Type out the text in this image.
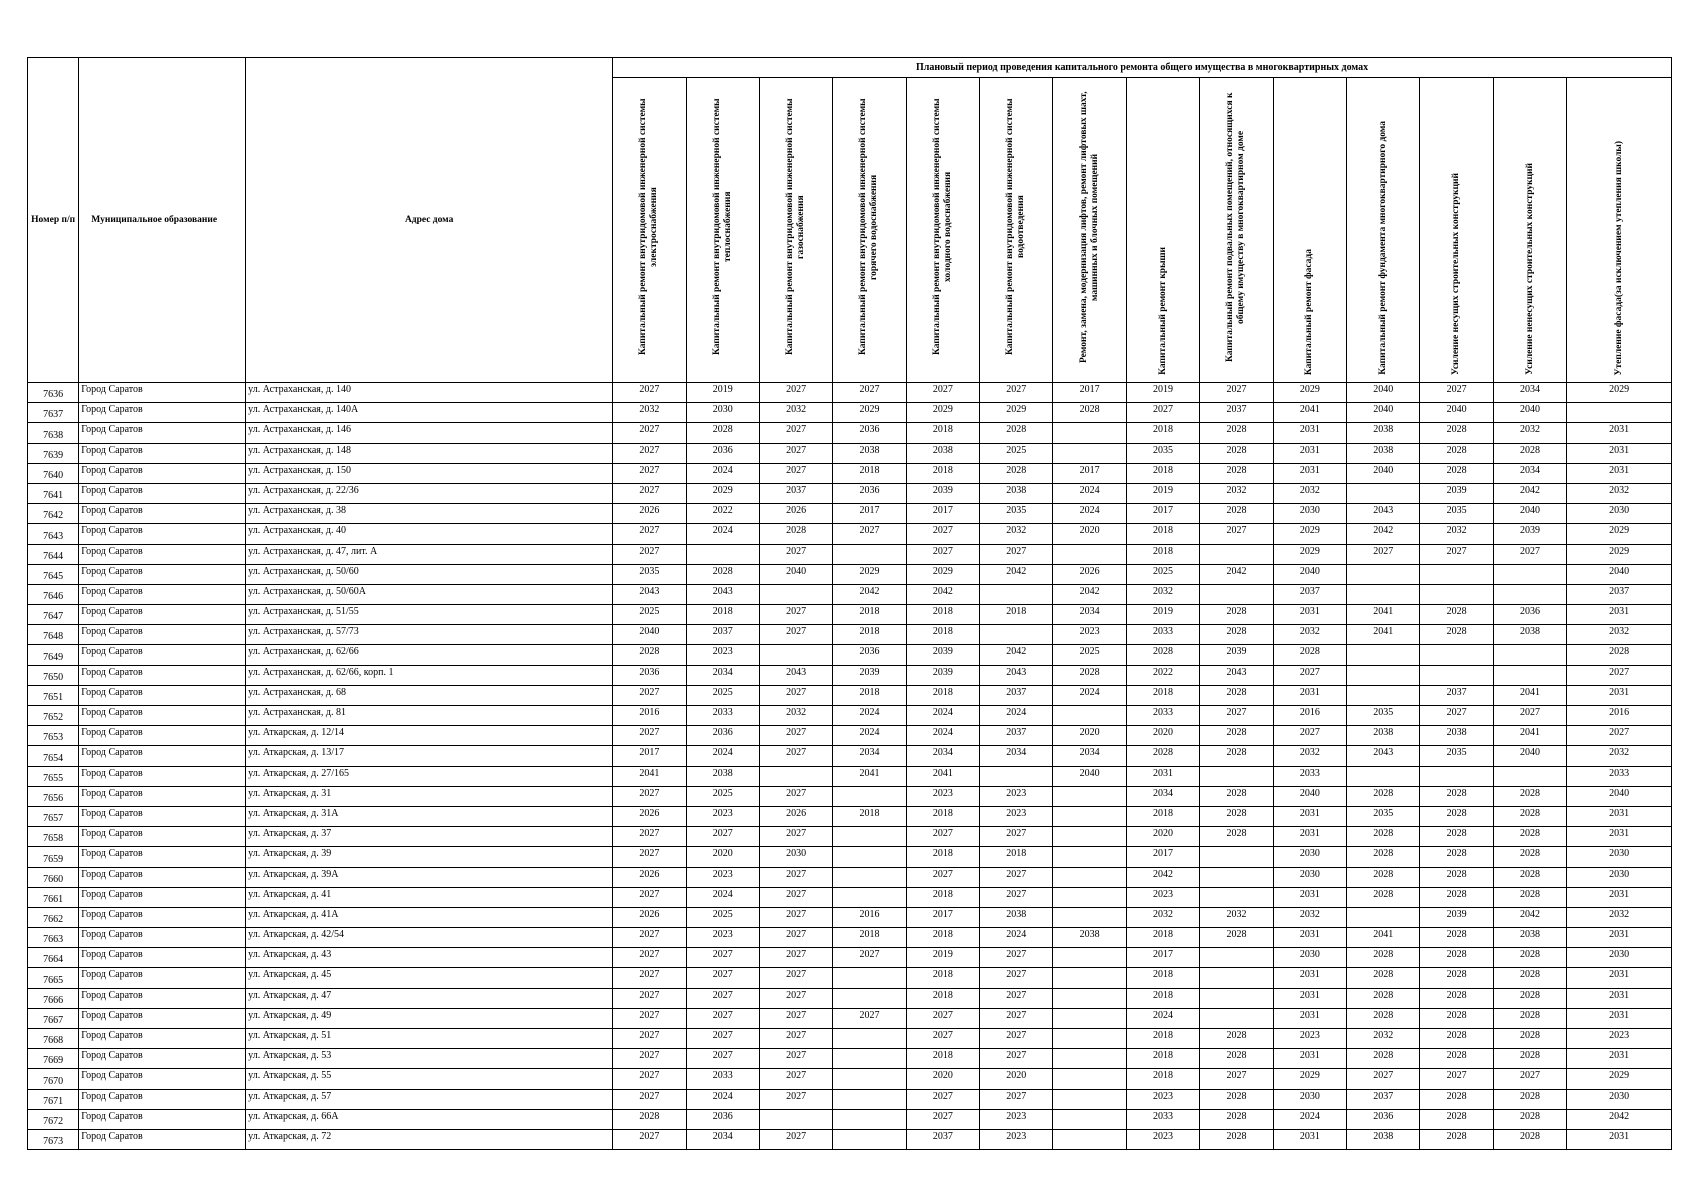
Номер п/п	Муниципальное образование	Адрес дома	Плановый период проведения капитального ремонта общего имущества в многоквартирных домах													
			Капитальный ремонт внутридомовой инженерной системы электроснабжения	Капитальный ремонт внутридомовой инженерной системы теплоснабжения	Капитальный ремонт внутридомовой инженерной системы газоснабжения	Капитальный ремонт внутридомовой инженерной системы горячего водоснабжения	Капитальный ремонт внутридомовой инженерной системы холодного водоснабжения	Капитальный ремонт внутридомовой инженерной системы водоотведения	Ремонт, замена, модернизация лифтов, ремонт лифтовых шахт, машинных и блочных помещений	Капитальный ремонт крыши	Капитальный ремонт подвальных помещений, относящихся к общему имуществу в многоквартирном доме	Капитальный ремонт фасада	Капитальный ремонт фундамента многоквартирного дома	Усиление несущих строительных конструкций	Усиление ненесущих строительных конструкций	Утепление фасада(за исключением утепления школы)
7636	Город Саратов	ул. Астраханская, д. 140	2027	2019	2027	2027	2027	2027	2017	2019	2027	2029	2040	2027	2034	2029
7637	Город Саратов	ул. Астраханская, д. 140А	2032	2030	2032	2029	2029	2029	2028	2027	2037	2041	2040	2040	2040	
7638	Город Саратов	ул. Астраханская, д. 146	2027	2028	2027	2036	2018	2028		2018	2028	2031	2038	2028	2032	2031
7639	Город Саратов	ул. Астраханская, д. 148	2027	2036	2027	2038	2038	2025		2035	2028	2031	2038	2028	2028	2031
7640	Город Саратов	ул. Астраханская, д. 150	2027	2024	2027	2018	2018	2028	2017	2018	2028	2031	2040	2028	2034	2031
7641	Город Саратов	ул. Астраханская, д. 22/36	2027	2029	2037	2036	2039	2038	2024	2019	2032	2032		2039	2042	2032
7642	Город Саратов	ул. Астраханская, д. 38	2026	2022	2026	2017	2017	2035	2024	2017	2028	2030	2043	2035	2040	2030
7643	Город Саратов	ул. Астраханская, д. 40	2027	2024	2028	2027	2027	2032	2020	2018	2027	2029	2042	2032	2039	2029
7644	Город Саратов	ул. Астраханская, д. 47, лит. А	2027		2027		2027	2027		2018		2029	2027	2027	2027	2029
7645	Город Саратов	ул. Астраханская, д. 50/60	2035	2028	2040	2029	2029	2042	2026	2025	2042	2040				2040
7646	Город Саратов	ул. Астраханская, д. 50/60А	2043	2043		2042	2042		2042	2032		2037				2037
7647	Город Саратов	ул. Астраханская, д. 51/55	2025	2018	2027	2018	2018	2018	2034	2019	2028	2031	2041	2028	2036	2031
7648	Город Саратов	ул. Астраханская, д. 57/73	2040	2037	2027	2018	2018		2023	2033	2028	2032	2041	2028	2038	2032
7649	Город Саратов	ул. Астраханская, д. 62/66	2028	2023		2036	2039	2042	2025	2028	2039	2028				2028
7650	Город Саратов	ул. Астраханская, д. 62/66, корп. 1	2036	2034	2043	2039	2039	2043	2028	2022	2043	2027				2027
7651	Город Саратов	ул. Астраханская, д. 68	2027	2025	2027	2018	2018	2037	2024	2018	2028	2031		2037	2041	2031
7652	Город Саратов	ул. Астраханская, д. 81	2016	2033	2032	2024	2024	2024		2033	2027	2016	2035	2027	2027	2016
7653	Город Саратов	ул. Аткарская, д. 12/14	2027	2036	2027	2024	2024	2037	2020	2020	2028	2027	2038	2038	2041	2027
7654	Город Саратов	ул. Аткарская, д. 13/17	2017	2024	2027	2034	2034	2034	2034	2028	2028	2032	2043	2035	2040	2032
7655	Город Саратов	ул. Аткарская, д. 27/165	2041	2038		2041	2041		2040	2031		2033				2033
7656	Город Саратов	ул. Аткарская, д. 31	2027	2025	2027		2023	2023		2034	2028	2040	2028	2028	2028	2040
7657	Город Саратов	ул. Аткарская, д. 31А	2026	2023	2026	2018	2018	2023		2018	2028	2031	2035	2028	2028	2031
7658	Город Саратов	ул. Аткарская, д. 37	2027	2027	2027		2027	2027		2020	2028	2031	2028	2028	2028	2031
7659	Город Саратов	ул. Аткарская, д. 39	2027	2020	2030		2018	2018		2017		2030	2028	2028	2028	2030
7660	Город Саратов	ул. Аткарская, д. 39А	2026	2023	2027		2027	2027		2042		2030	2028	2028	2028	2030
7661	Город Саратов	ул. Аткарская, д. 41	2027	2024	2027		2018	2027		2023		2031	2028	2028	2028	2031
7662	Город Саратов	ул. Аткарская, д. 41А	2026	2025	2027	2016	2017	2038		2032	2032	2032		2039	2042	2032
7663	Город Саратов	ул. Аткарская, д. 42/54	2027	2023	2027	2018	2018	2024	2038	2018	2028	2031	2041	2028	2038	2031
7664	Город Саратов	ул. Аткарская, д. 43	2027	2027	2027	2027	2019	2027		2017		2030	2028	2028	2028	2030
7665	Город Саратов	ул. Аткарская, д. 45	2027	2027	2027		2018	2027		2018		2031	2028	2028	2028	2031
7666	Город Саратов	ул. Аткарская, д. 47	2027	2027	2027		2018	2027		2018		2031	2028	2028	2028	2031
7667	Город Саратов	ул. Аткарская, д. 49	2027	2027	2027	2027	2027	2027		2024		2031	2028	2028	2028	2031
7668	Город Саратов	ул. Аткарская, д. 51	2027	2027	2027		2027	2027		2018	2028	2023	2032	2028	2028	2023
7669	Город Саратов	ул. Аткарская, д. 53	2027	2027	2027		2018	2027		2018	2028	2031	2028	2028	2028	2031
7670	Город Саратов	ул. Аткарская, д. 55	2027	2033	2027		2020	2020		2018	2027	2029	2027	2027	2027	2029
7671	Город Саратов	ул. Аткарская, д. 57	2027	2024	2027		2027	2027		2023	2028	2030	2037	2028	2028	2030
7672	Город Саратов	ул. Аткарская, д. 66А	2028	2036			2027	2023		2033	2028	2024	2036	2028	2028	2042
7673	Город Саратов	ул. Аткарская, д. 72	2027	2034	2027		2037	2023		2023	2028	2031	2038	2028	2028	2031
